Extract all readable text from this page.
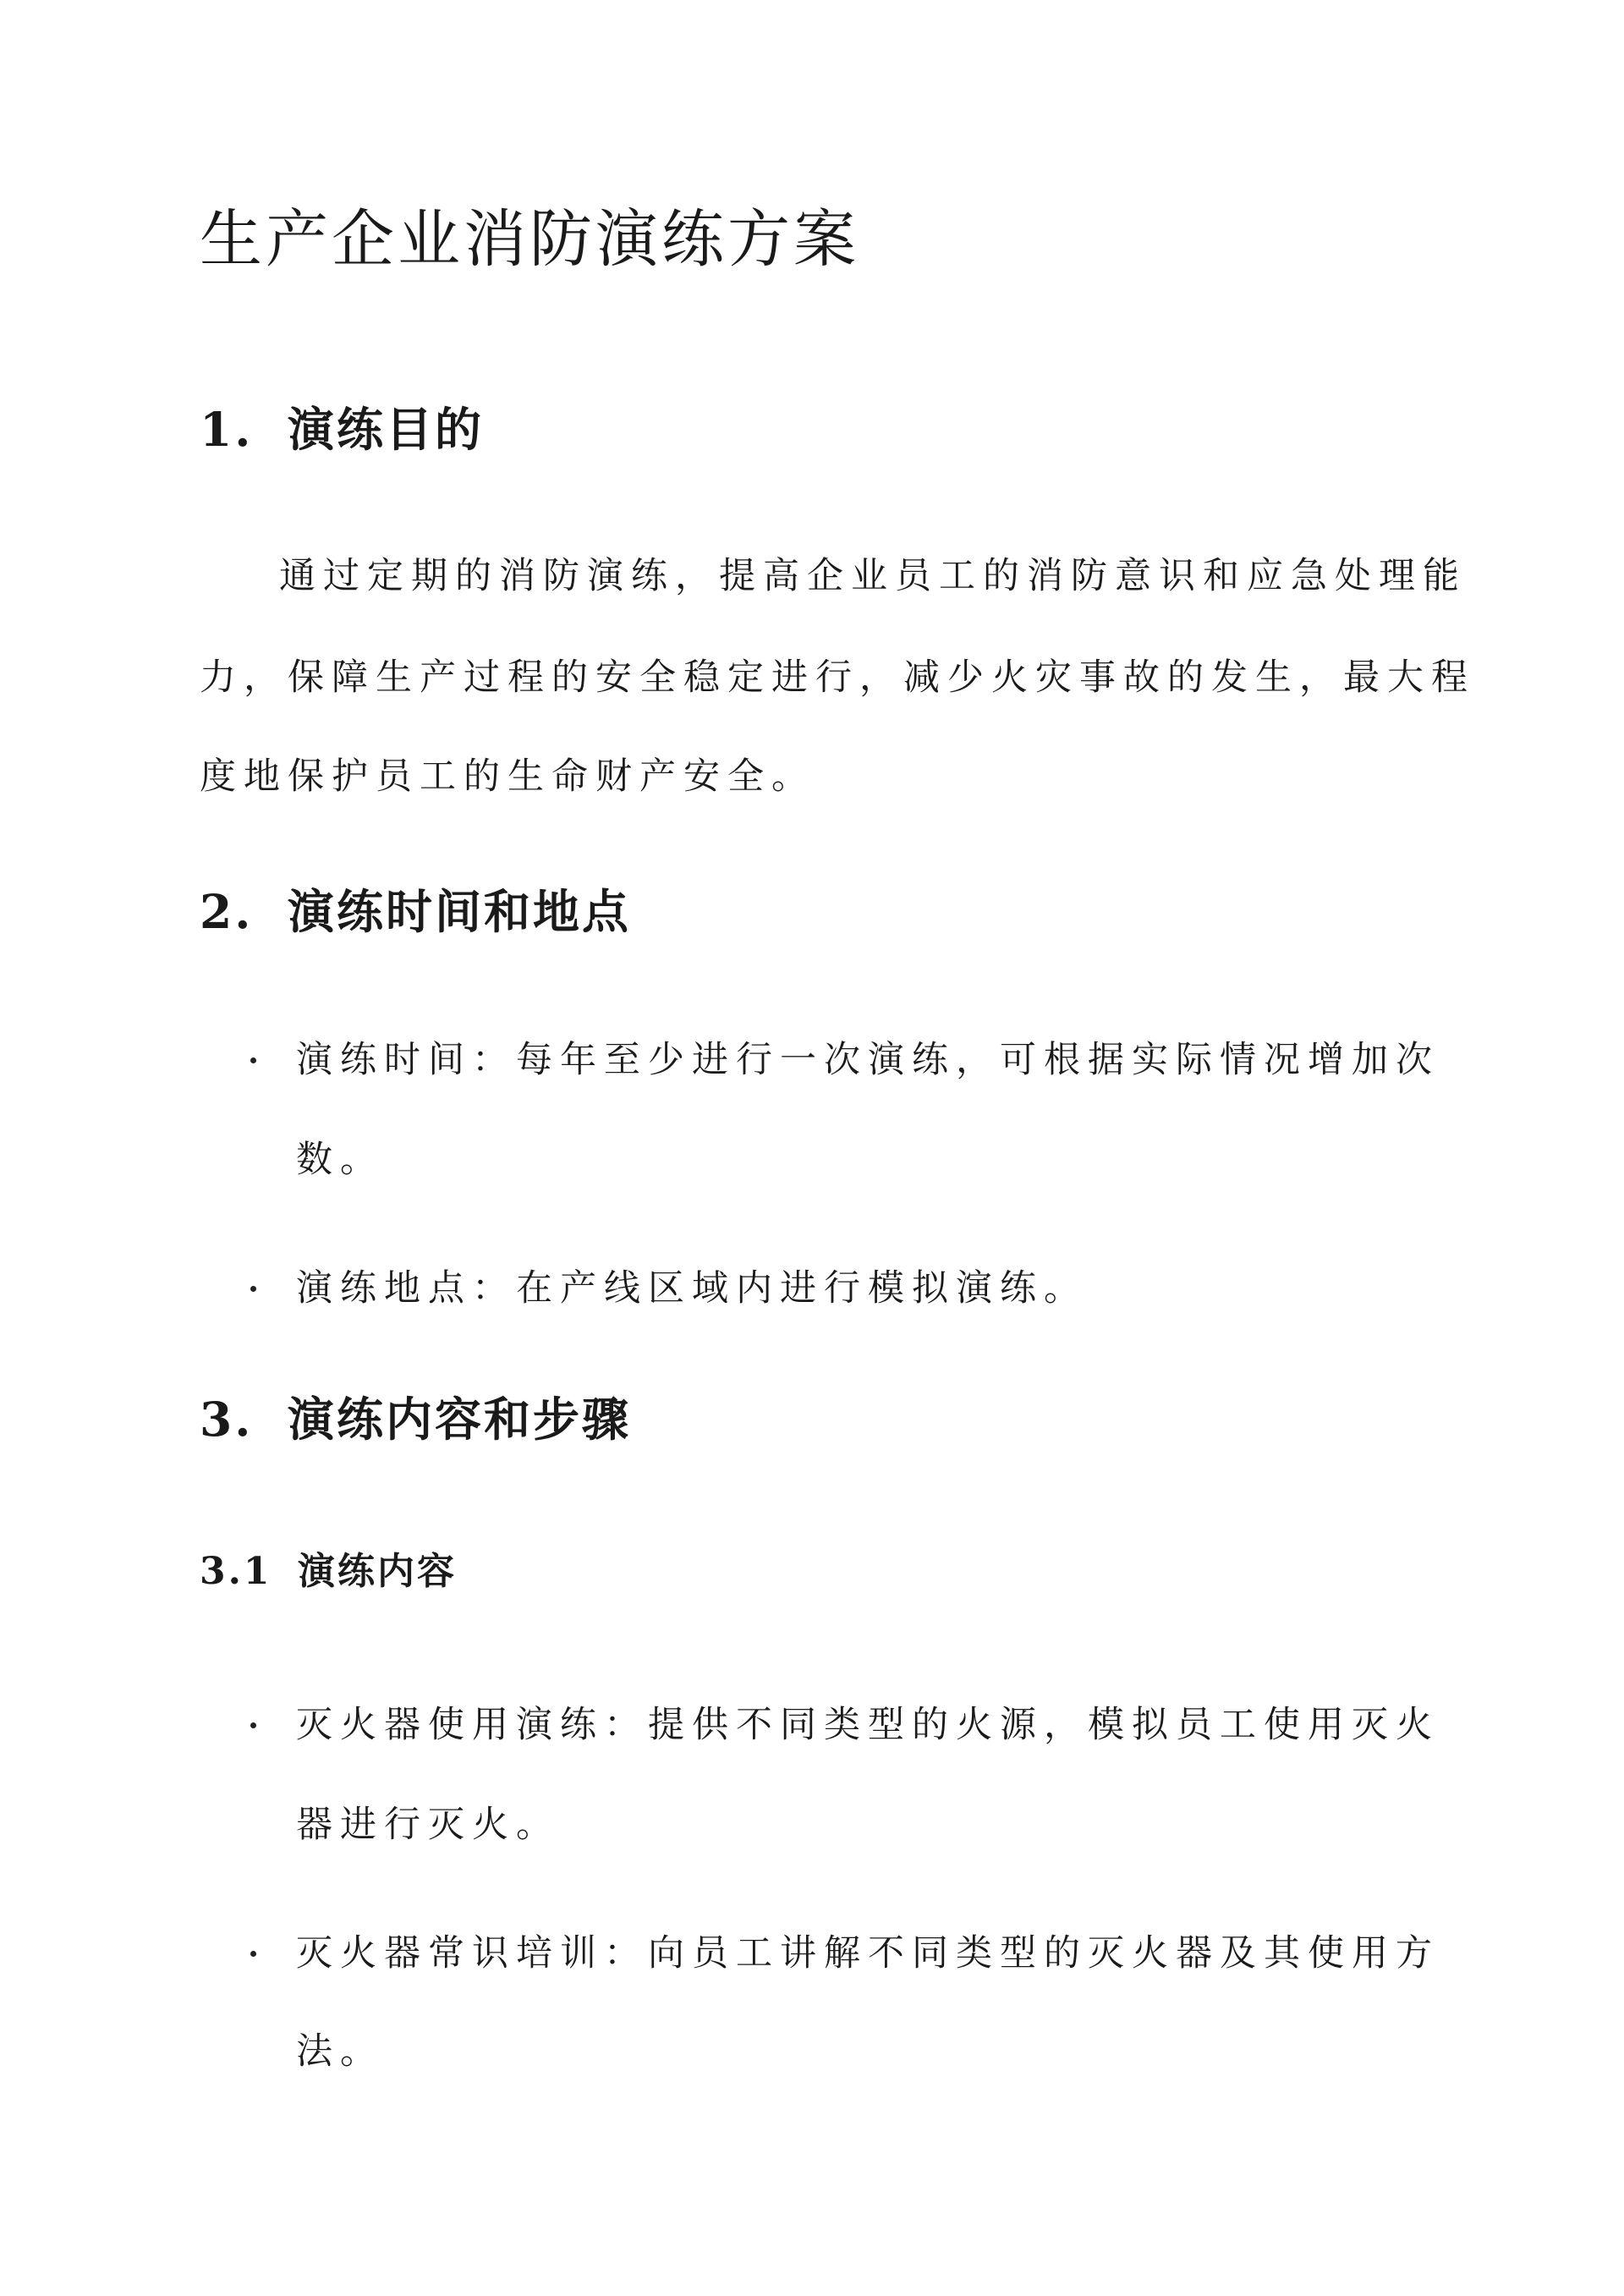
生产企业消防演练方案
1. 演练目的
通过定期的消防演练，提高企业员工的消防意识和应急处理能
力，保障生产过程的安全稳定进行，减少火灾事故的发生，最大程
度地保护员工的生命财产安全。
2. 演练时间和地点
演练时间：每年至少进行一次演练，可根据实际情况增加次
数。
演练地点：在产线区域内进行模拟演练。
3. 演练内容和步骤
3.1 演练内容
灭火器使用演练：提供不同类型的火源，模拟员工使用灭火
器进行灭火。
灭火器常识培训：向员工讲解不同类型的灭火器及其使用方
法。
